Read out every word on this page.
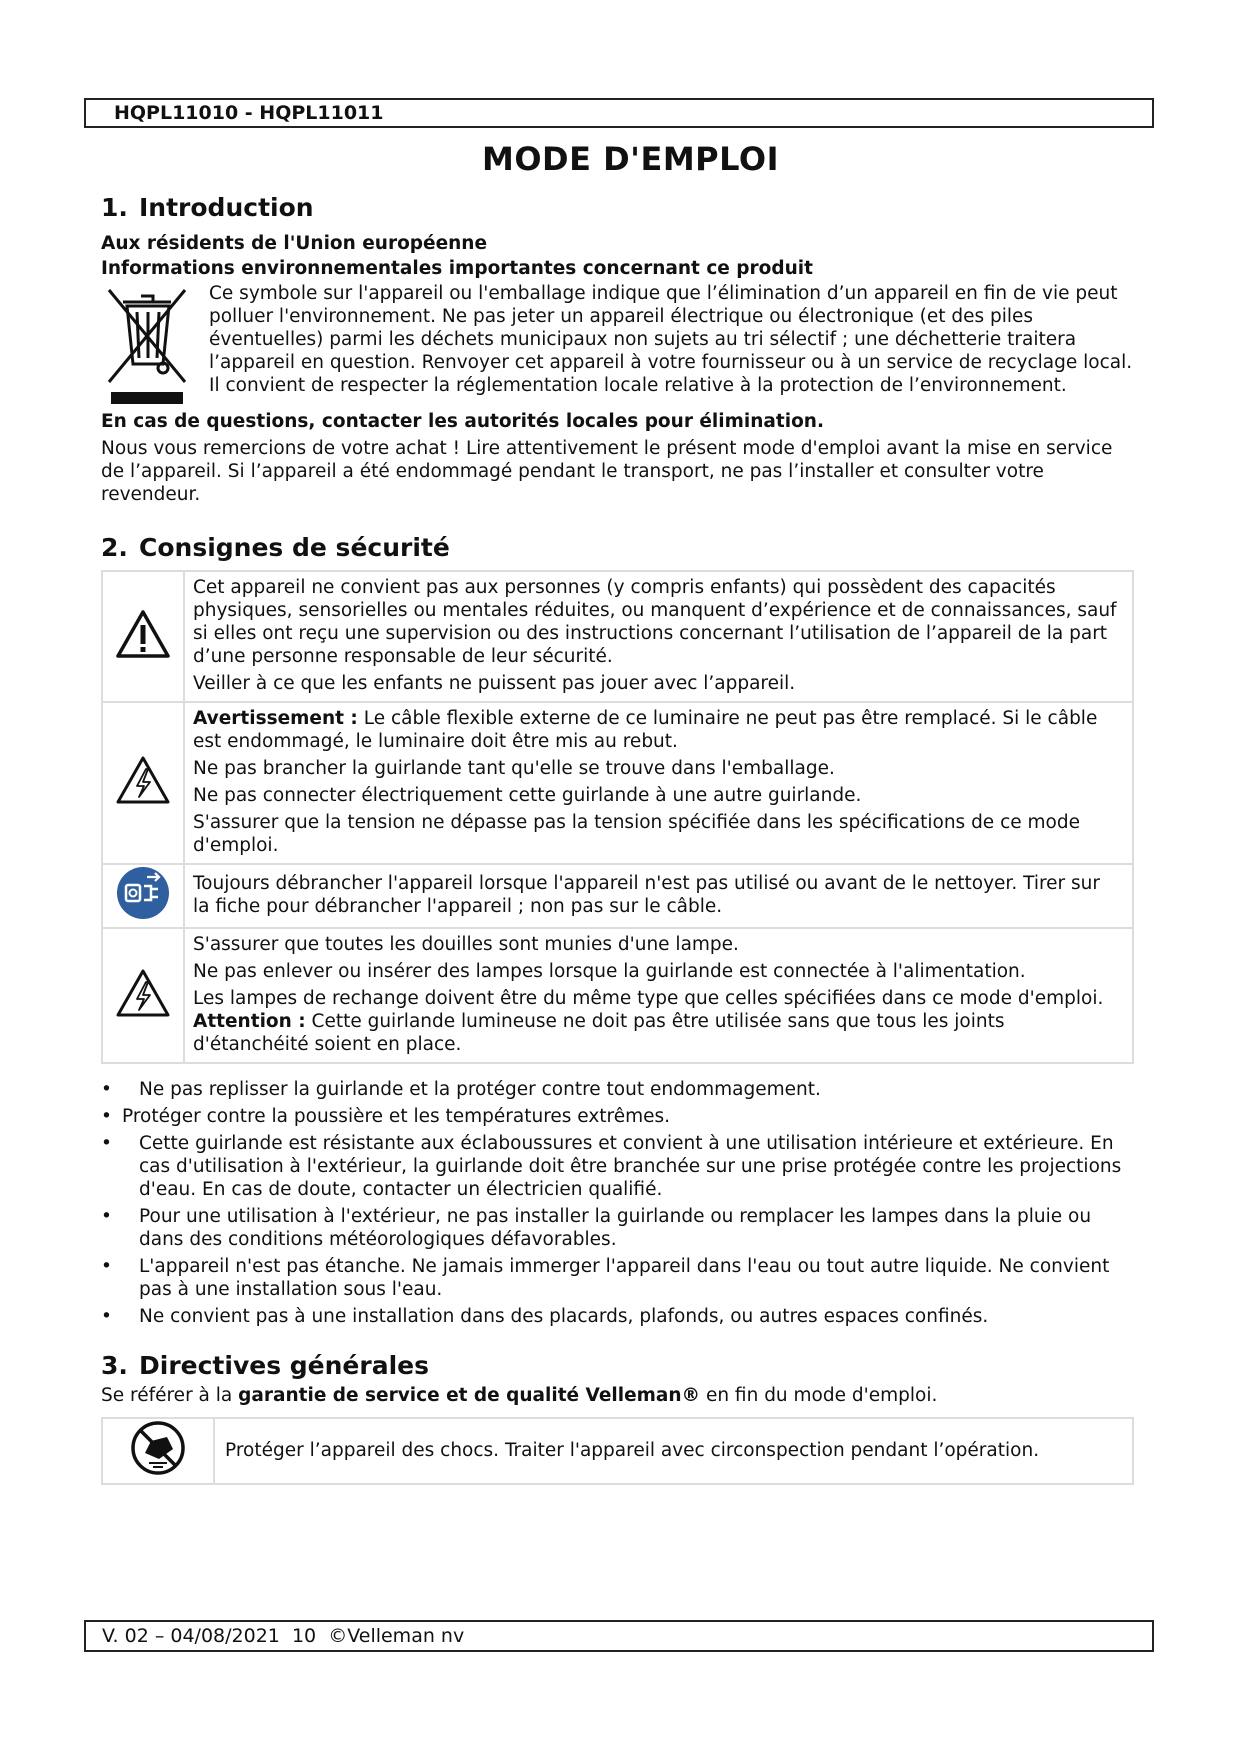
HQPL11010 - HQPL11011
MODE D'EMPLOI
1. Introduction

Aux résidents de l'Union européenne

Informations environnementales importantes concernant ce produit

Ce symbole sur l'appareil ou l'emballage indique que l’élimination d’un appareil en fin de vie peut polluer l'environnement. Ne pas jeter un appareil électrique ou électronique (et des piles éventuelles) parmi les déchets municipaux non sujets au tri sélectif ; une déchetterie traitera l’appareil en question. Renvoyer cet appareil à votre fournisseur ou à un service de recyclage local. Il convient de respecter la réglementation locale relative à la protection de l’environnement.

En cas de questions, contacter les autorités locales pour élimination.

Nous vous remercions de votre achat ! Lire attentivement le présent mode d'emploi avant la mise en service de l’appareil. Si l’appareil a été endommagé pendant le transport, ne pas l’installer et consulter votre revendeur.

2. Consignes de sécurité

Cet appareil ne convient pas aux personnes (y compris enfants) qui possèdent des capacités physiques, sensorielles ou mentales réduites, ou manquent d’expérience et de connaissances, sauf si elles ont reçu une supervision ou des instructions concernant l’utilisation de l’appareil de la part d’une personne responsable de leur sécurité.

Veiller à ce que les enfants ne puissent pas jouer avec l’appareil.

Avertissement : Le câble flexible externe de ce luminaire ne peut pas être remplacé. Si le câble est endommagé, le luminaire doit être mis au rebut.

Ne pas brancher la guirlande tant qu'elle se trouve dans l'emballage.

Ne pas connecter électriquement cette guirlande à une autre guirlande.

S'assurer que la tension ne dépasse pas la tension spécifiée dans les spécifications de ce mode d'emploi.

Toujours débrancher l'appareil lorsque l'appareil n'est pas utilisé ou avant de le nettoyer. Tirer sur la fiche pour débrancher l'appareil ; non pas sur le câble.

S'assurer que toutes les douilles sont munies d'une lampe.

Ne pas enlever ou insérer des lampes lorsque la guirlande est connectée à l'alimentation.

Les lampes de rechange doivent être du même type que celles spécifiées dans ce mode d'emploi.

Attention : Cette guirlande lumineuse ne doit pas être utilisée sans que tous les joints d'étanchéité soient en place.

• Ne pas replisser la guirlande et la protéger contre tout endommagement.
• Protéger contre la poussière et les températures extrêmes.
• Cette guirlande est résistante aux éclaboussures et convient à une utilisation intérieure et extérieure. En cas d'utilisation à l'extérieur, la guirlande doit être branchée sur une prise protégée contre les projections d'eau. En cas de doute, contacter un électricien qualifié.
• Pour une utilisation à l'extérieur, ne pas installer la guirlande ou remplacer les lampes dans la pluie ou dans des conditions météorologiques défavorables.
• L'appareil n'est pas étanche. Ne jamais immerger l'appareil dans l'eau ou tout autre liquide. Ne convient pas à une installation sous l'eau.
• Ne convient pas à une installation dans des placards, plafonds, ou autres espaces confinés.
3. Directives générales

Se référer à la garantie de service et de qualité Velleman® en fin du mode d'emploi.

Protéger l’appareil des chocs. Traiter l'appareil avec circonspection pendant l’opération.

V. 02 – 04/08/2021  10  ©Velleman nv
